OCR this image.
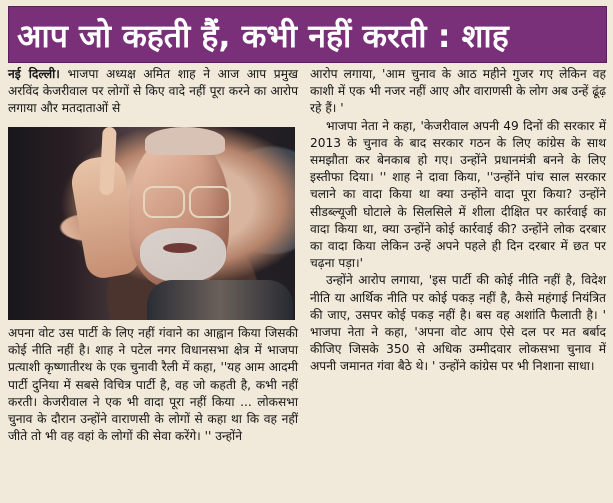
आप जो कहती हैं, कभी नहीं करती : शाह

नई दिल्ली। भाजपा अध्यक्ष अमित शाह ने आज आप प्रमुख अरविंद केजरीवाल पर लोगों से किए वादे नहीं पूरा करने का आरोप लगाया और मतदाताओं से

अपना वोट उस पार्टी के लिए नहीं गंवाने का आह्वान किया जिसकी कोई नीति नहीं है। शाह ने पटेल नगर विधानसभा क्षेत्र में भाजपा प्रत्याशी कृष्णातीरथ के एक चुनावी रैली में कहा, ''यह आम आदमी पार्टी दुनिया में सबसे विचित्र पार्टी है, वह जो कहती है, कभी नहीं करती। केजरीवाल ने एक भी वादा पूरा नहीं किया ... लोकसभा चुनाव के दौरान उन्होंने वाराणसी के लोगों से कहा था कि वह नहीं जीते तो भी वह वहां के लोगों की सेवा करेंगे। '' उन्होंने

आरोप लगाया, 'आम चुनाव के आठ महीने गुजर गए लेकिन वह काशी में एक भी नजर नहीं आए और वाराणसी के लोग अब उन्हें ढूंढ़ रहे हैं। '

भाजपा नेता ने कहा, 'केजरीवाल अपनी 49 दिनों की सरकार में 2013 के चुनाव के बाद सरकार गठन के लिए कांग्रेस के साथ समझौता कर बेनकाब हो गए। उन्होंने प्रधानमंत्री बनने के लिए इस्तीफा दिया। '' शाह ने दावा किया, ''उन्होंने पांच साल सरकार चलाने का वादा किया था क्या उन्होंने वादा पूरा किया? उन्होंने सीडब्ल्यूजी घोटाले के सिलसिले में शीला दीक्षित पर कार्रवाई का वादा किया था, क्या उन्होंने कोई कार्रवाई की? उन्होंने लोक दरबार का वादा किया लेकिन उन्हें अपने पहले ही दिन दरबार में छत पर चढ़ना पड़ा।'

उन्होंने आरोप लगाया, 'इस पार्टी की कोई नीति नहीं है, विदेश नीति या आर्थिक नीति पर कोई पकड़ नहीं है, कैसे महंगाई नियंत्रित की जाए, उसपर कोई पकड़ नहीं है। बस वह अशांति फैलाती है। ' भाजपा नेता ने कहा, 'अपना वोट आप ऐसे दल पर मत बर्बाद कीजिए जिसके 350 से अधिक उम्मीदवार लोकसभा चुनाव में अपनी जमानत गंवा बैठे थे। ' उन्होंने कांग्रेस पर भी निशाना साधा।
